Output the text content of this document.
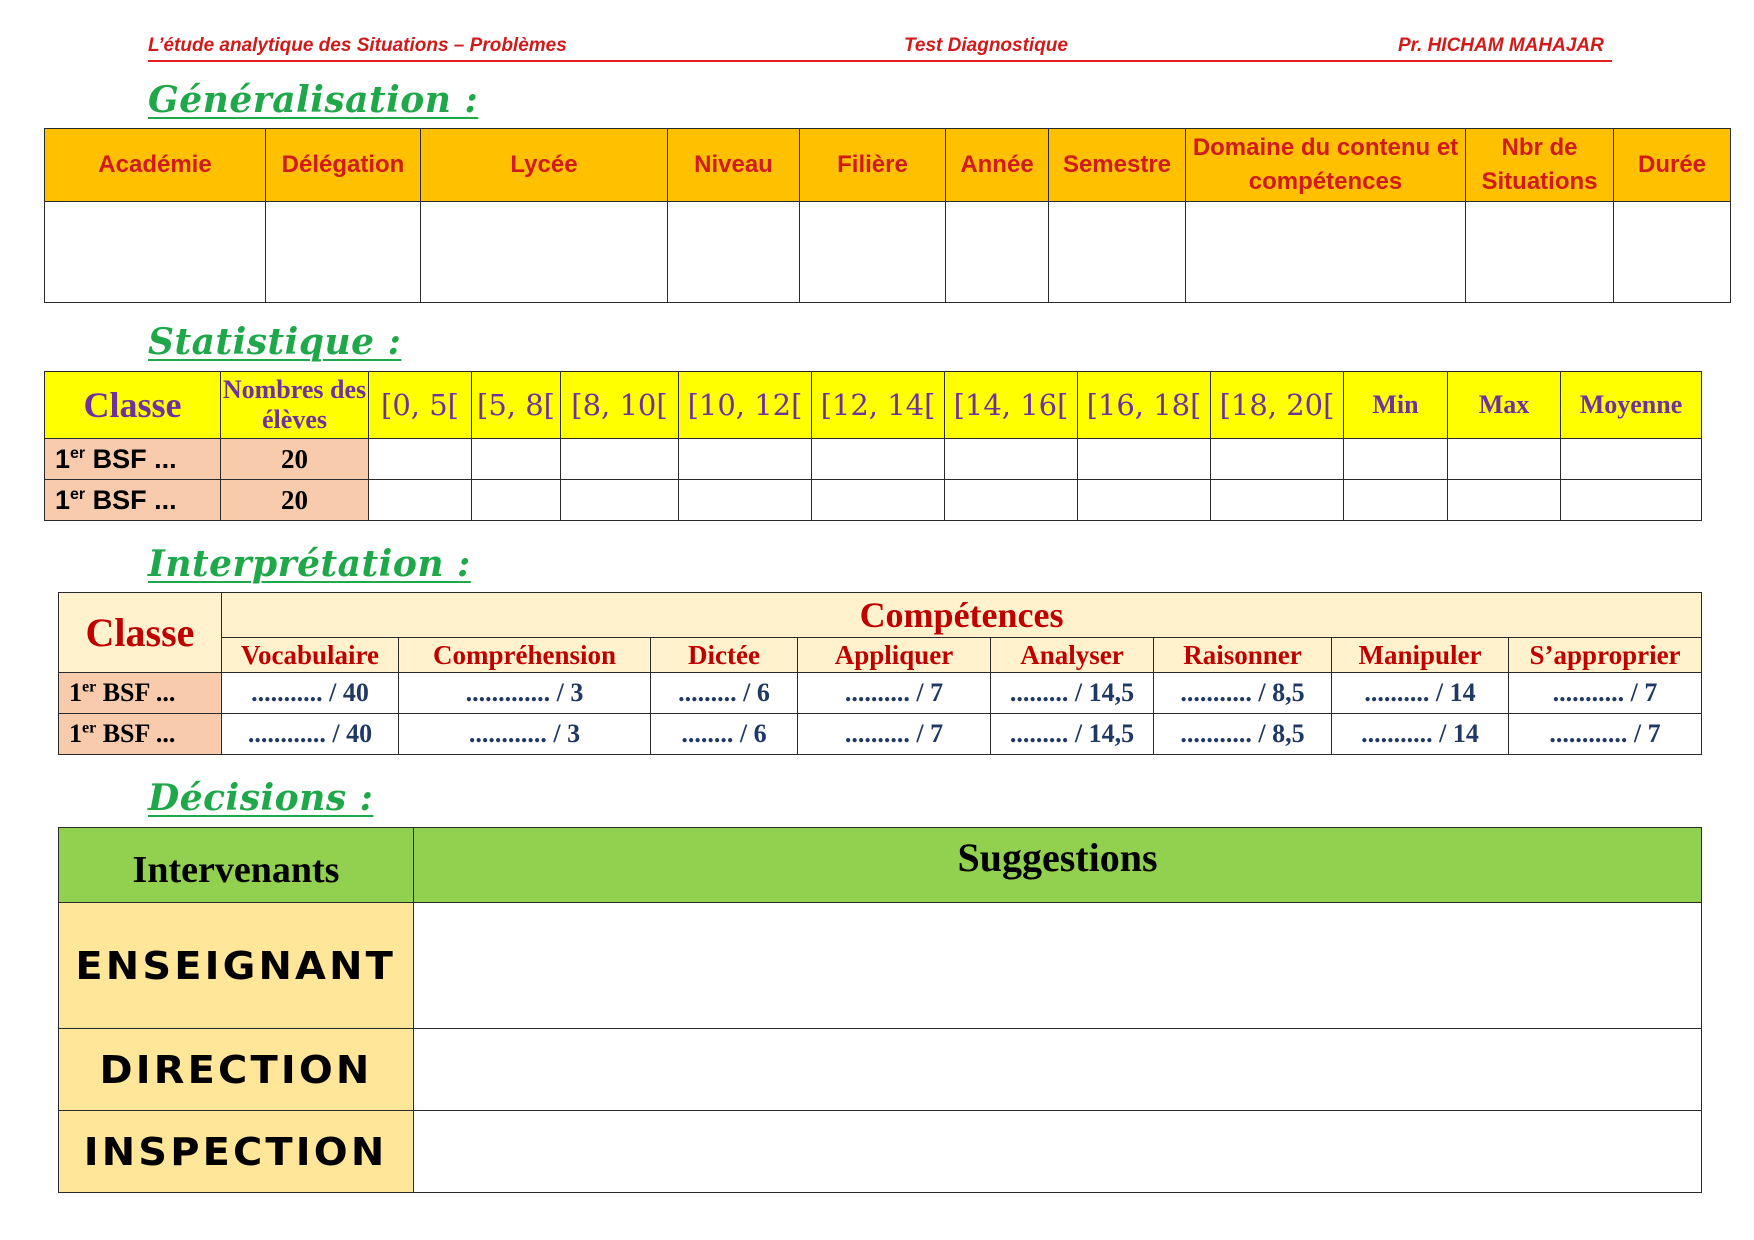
L’étude analytique des Situations – Problèmes	Test Diagnostique	Pr. HICHAM MAHAJAR
Généralisation :
Académie	Délégation	Lycée	Niveau	Filière	Année	Semestre	Domaine du contenu et compétences	Nbr de Situations	Durée

Statistique :
Classe	Nombres des élèves	[0, 5[	[5, 8[	[8, 10[	[10, 12[	[12, 14[	[14, 16[	[16, 18[	[18, 20[	Min	Max	Moyenne
1er BSF ...	20											
1er BSF ...	20											
Interprétation :
Classe	Compétences							
	Vocabulaire	Compréhension	Dictée	Appliquer	Analyser	Raisonner	Manipuler	S’approprier
1er BSF ...	........... / 40	............. / 3	......... / 6	.......... / 7	......... / 14,5	........... / 8,5	.......... / 14	........... / 7
1er BSF ...	............ / 40	............ / 3	........ / 6	.......... / 7	......... / 14,5	........... / 8,5	........... / 14	............ / 7
Décisions :
Intervenants	Suggestions
ENSEIGNANT	
DIRECTION	
INSPECTION	
